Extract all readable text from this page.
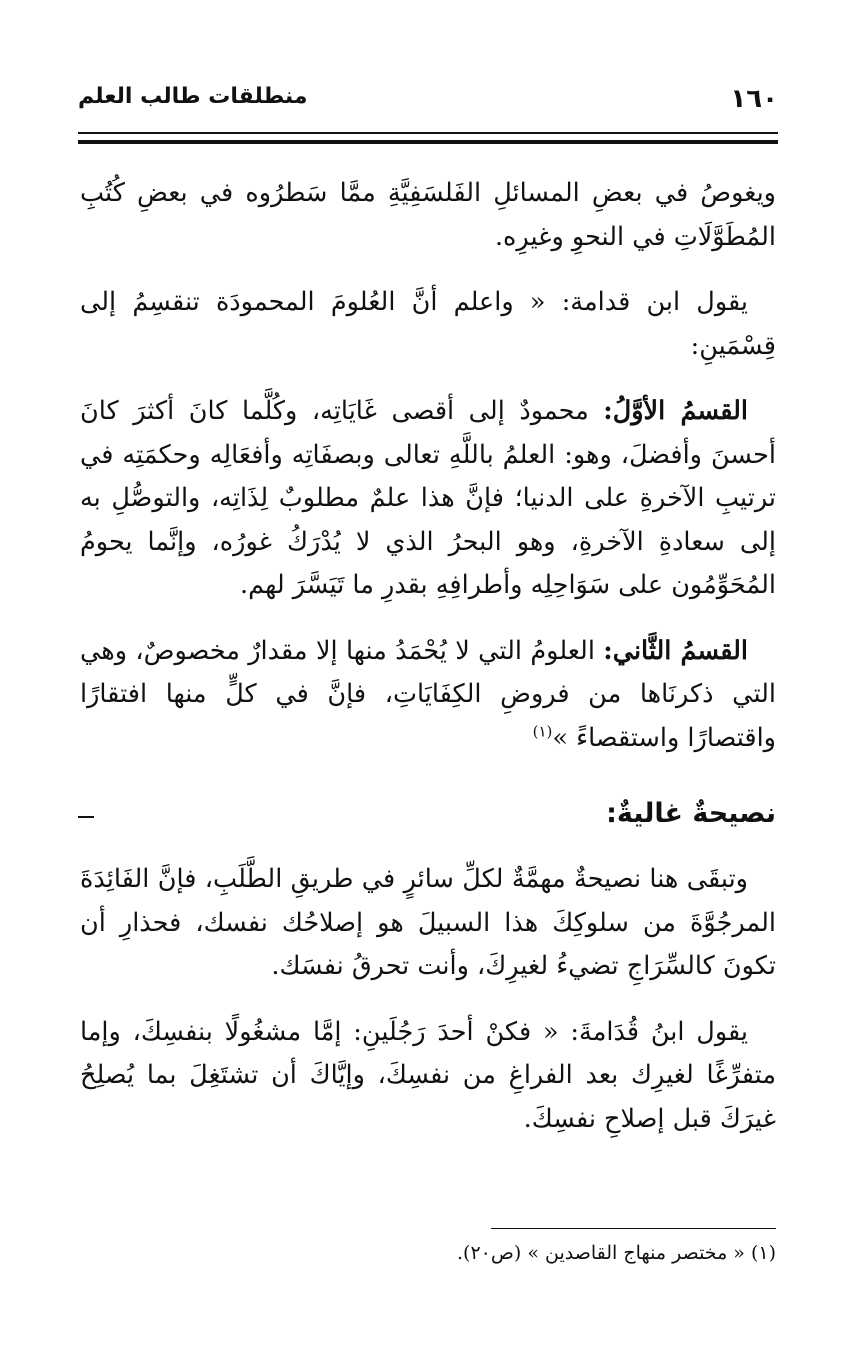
١٦٠
منطلقات طالب العلم

ويغوصُ في بعضِ المسائلِ الفَلسَفِيَّةِ ممَّا سَطرُوه في بعضِ كُتُبِ المُطَوَّلَاتِ في النحوِ وغيرِه.

يقول ابن قدامة: « واعلم أنَّ العُلومَ المحمودَة تنقسِمُ إلى قِسْمَينِ:

القسمُ الأوَّلُ: محمودٌ إلى أقصى غَايَاتِه، وكُلَّما كانَ أكثرَ كانَ أحسنَ وأفضلَ، وهو: العلمُ باللَّهِ تعالى وبصفَاتِه وأفعَالِه وحكمَتِه في ترتيبِ الآخرةِ على الدنيا؛ فإنَّ هذا علمٌ مطلوبٌ لِذَاتِه، والتوصُّلِ به إلى سعادةِ الآخرةِ، وهو البحرُ الذي لا يُدْرَكُ غورُه، وإنَّما يحومُ المُحَوِّمُون على سَوَاحِلِه وأطرافِهِ بقدرِ ما تَيَسَّرَ لهم.

القسمُ الثَّاني: العلومُ التي لا يُحْمَدُ منها إلا مقدارٌ مخصوصٌ، وهي التي ذكرنَاها من فروضِ الكِفَايَاتِ، فإنَّ في كلٍّ منها افتقارًا واقتصارًا واستقصاءً »$^{(١)}$

نصيحةٌ غاليةٌ:

وتبقَى هنا نصيحةٌ مهمَّةٌ لكلِّ سائرٍ في طريقِ الطَّلَبِ، فإنَّ الفَائِدَةَ المرجُوَّةَ من سلوكِكَ هذا السبيلَ هو إصلاحُك نفسك، فحذارِ أن تكونَ كالسِّرَاجِ تضيءُ لغيرِكَ، وأنت تحرقُ نفسَك.

يقول ابنُ قُدَامةَ: « فكنْ أحدَ رَجُلَينِ: إمَّا مشغُولًا بنفسِكَ، وإما متفرِّغًا لغيرِك بعد الفراغِ من نفسِكَ، وإيَّاكَ أن تشتَغِلَ بما يُصلِحُ غيرَكَ قبل إصلاحِ نفسِكَ.

(١) « مختصر منهاج القاصدين » (ص٢٠).
